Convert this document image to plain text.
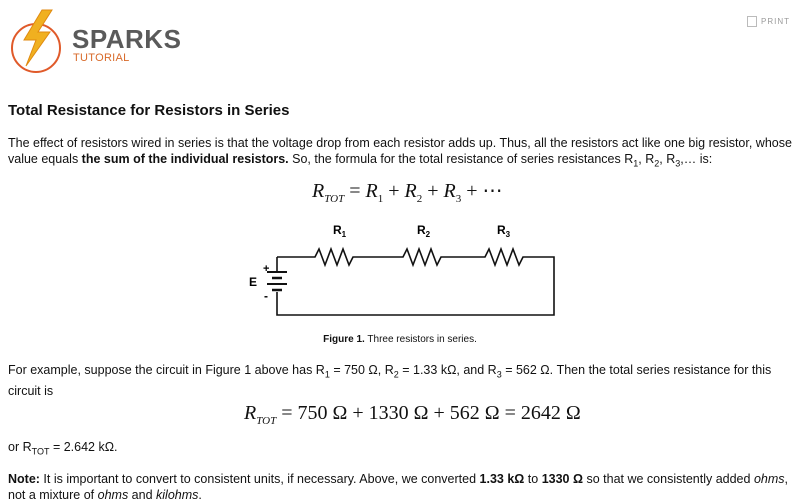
SPARKS
TUTORIAL
PRINT
Total Resistance for Resistors in Series

The effect of resistors wired in series is that the voltage drop from each resistor adds up. Thus, all the resistors act like one big resistor, whose value equals the sum of the individual resistors. So, the formula for the total resistance of series resistances $R_1$, $R_2$, $R_3,\dots$ is:

$R_{TOT} = R_1 + R_2 + R_3$ + ⋯
$R_1$	$R_2$	$R_3$
E
+
-
Figure 1. Three resistors in series.

For example, suppose the circuit in Figure 1 above has $R_1 = 750$ Ω, $R_2 = 1.33$ kΩ, and $R_3 = 562$ Ω. Then the total series resistance for this circuit is

$R_{TOT} = 750$ Ω + 1330 Ω + 562 Ω = 2642 Ω

or $R_{TOT} = 2.642$ kΩ.

Note: It is important to convert to consistent units, if necessary. Above, we converted 1.33 kΩ to 1330 Ω so that we consistently added ohms, not a mixture of ohms and kilohms.
